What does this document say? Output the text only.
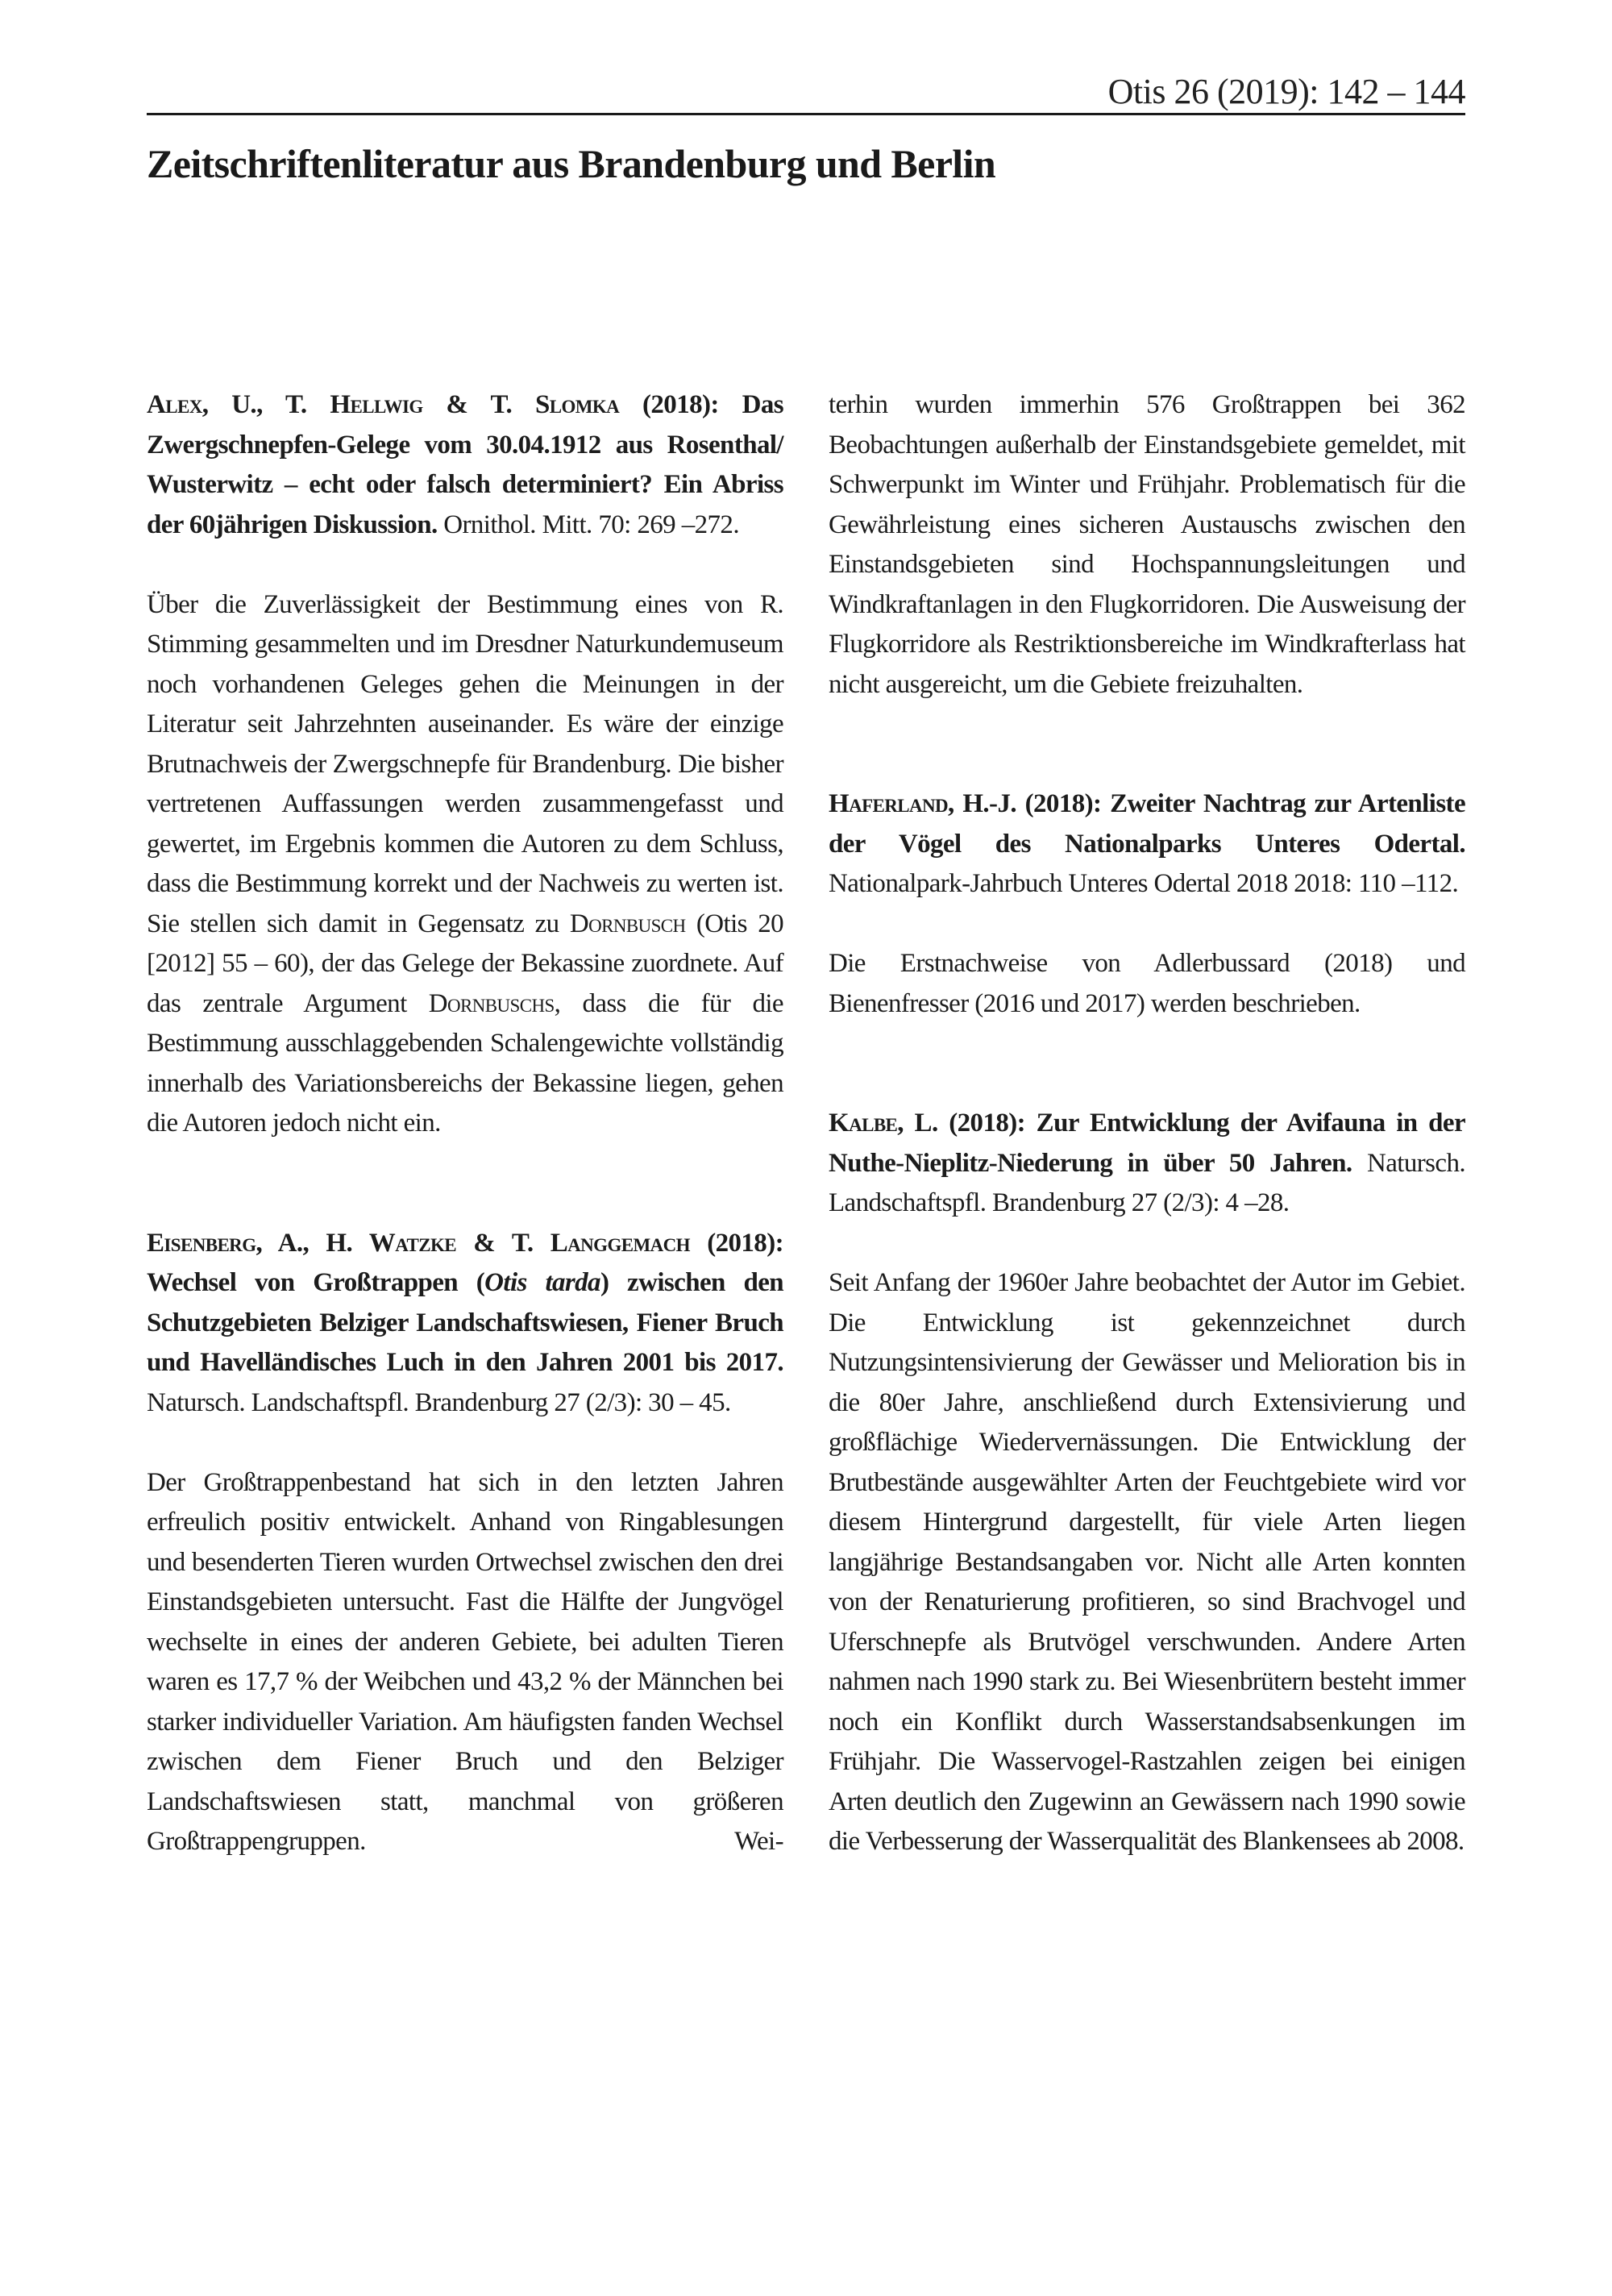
Otis 26 (2019): 142 – 144
Zeitschriftenliteratur aus Brandenburg und Berlin

Alex, U., T. Hellwig & T. Slomka (2018): Das Zwergschnepfen-Gelege vom 30.04.1912 aus Rosenthal/ Wusterwitz – echt oder falsch determiniert? Ein Abriss der 60jährigen Diskussion. Ornithol. Mitt. 70: 269 –272.

Über die Zuverlässigkeit der Bestimmung eines von R. Stimming gesammelten und im Dresdner Naturkundemuseum noch vorhandenen Geleges gehen die Meinungen in der Literatur seit Jahrzehnten auseinander. Es wäre der einzige Brutnachweis der Zwergschnepfe für Brandenburg. Die bisher vertretenen Auffassungen werden zusammengefasst und gewertet, im Ergebnis kommen die Autoren zu dem Schluss, dass die Bestimmung korrekt und der Nachweis zu werten ist. Sie stellen sich damit in Gegensatz zu Dornbusch (Otis 20 [2012] 55 – 60), der das Gelege der Bekassine zuordnete. Auf das zentrale Argument Dornbuschs, dass die für die Bestimmung ausschlaggebenden Schalengewichte vollständig innerhalb des Variationsbereichs der Bekassine liegen, gehen die Autoren jedoch nicht ein.

Eisenberg, A., H. Watzke & T. Langgemach (2018): Wechsel von Großtrappen (Otis tarda) zwischen den Schutzgebieten Belziger Landschaftswiesen, Fiener Bruch und Havelländisches Luch in den Jahren 2001 bis 2017. Natursch. Landschaftspfl. Brandenburg 27 (2/3): 30 – 45.

Der Großtrappenbestand hat sich in den letzten Jahren erfreulich positiv entwickelt. Anhand von Ringablesungen und besenderten Tieren wurden Ortwechsel zwischen den drei Einstandsgebieten untersucht. Fast die Hälfte der Jungvögel wechselte in eines der anderen Gebiete, bei adulten Tieren waren es 17,7 % der Weibchen und 43,2 % der Männchen bei starker individueller Variation. Am häufigsten fanden Wechsel zwischen dem Fiener Bruch und den Belziger Landschaftswiesen statt, manchmal von größeren Großtrappengruppen. Wei-

terhin wurden immerhin 576 Großtrappen bei 362 Beobachtungen außerhalb der Einstandsgebiete gemeldet, mit Schwerpunkt im Winter und Frühjahr. Problematisch für die Gewährleistung eines sicheren Austauschs zwischen den Einstandsgebieten sind Hochspannungsleitungen und Windkraftanlagen in den Flugkorridoren. Die Ausweisung der Flugkorridore als Restriktionsbereiche im Windkrafterlass hat nicht ausgereicht, um die Gebiete freizuhalten.

Haferland, H.-J. (2018): Zweiter Nachtrag zur Artenliste der Vögel des Nationalparks Unteres Odertal. Nationalpark-Jahrbuch Unteres Odertal 2018 2018: 110 –112.

Die Erstnachweise von Adlerbussard (2018) und Bienenfresser (2016 und 2017) werden beschrieben.

Kalbe, L. (2018): Zur Entwicklung der Avifauna in der Nuthe-Nieplitz-Niederung in über 50 Jahren. Natursch. Landschaftspfl. Brandenburg 27 (2/3): 4 –28.

Seit Anfang der 1960er Jahre beobachtet der Autor im Gebiet. Die Entwicklung ist gekennzeichnet durch Nutzungsintensivierung der Gewässer und Melioration bis in die 80er Jahre, anschließend durch Extensivierung und großflächige Wiedervernässungen. Die Entwicklung der Brutbestände ausgewählter Arten der Feuchtgebiete wird vor diesem Hintergrund dargestellt, für viele Arten liegen langjährige Bestandsangaben vor. Nicht alle Arten konnten von der Renaturierung profitieren, so sind Brachvogel und Uferschnepfe als Brutvögel verschwunden. Andere Arten nahmen nach 1990 stark zu. Bei Wiesenbrütern besteht immer noch ein Konflikt durch Wasserstandsabsenkungen im Frühjahr. Die Wasservogel-Rastzahlen zeigen bei einigen Arten deutlich den Zugewinn an Gewässern nach 1990 sowie die Verbesserung der Wasserqualität des Blankensees ab 2008.
